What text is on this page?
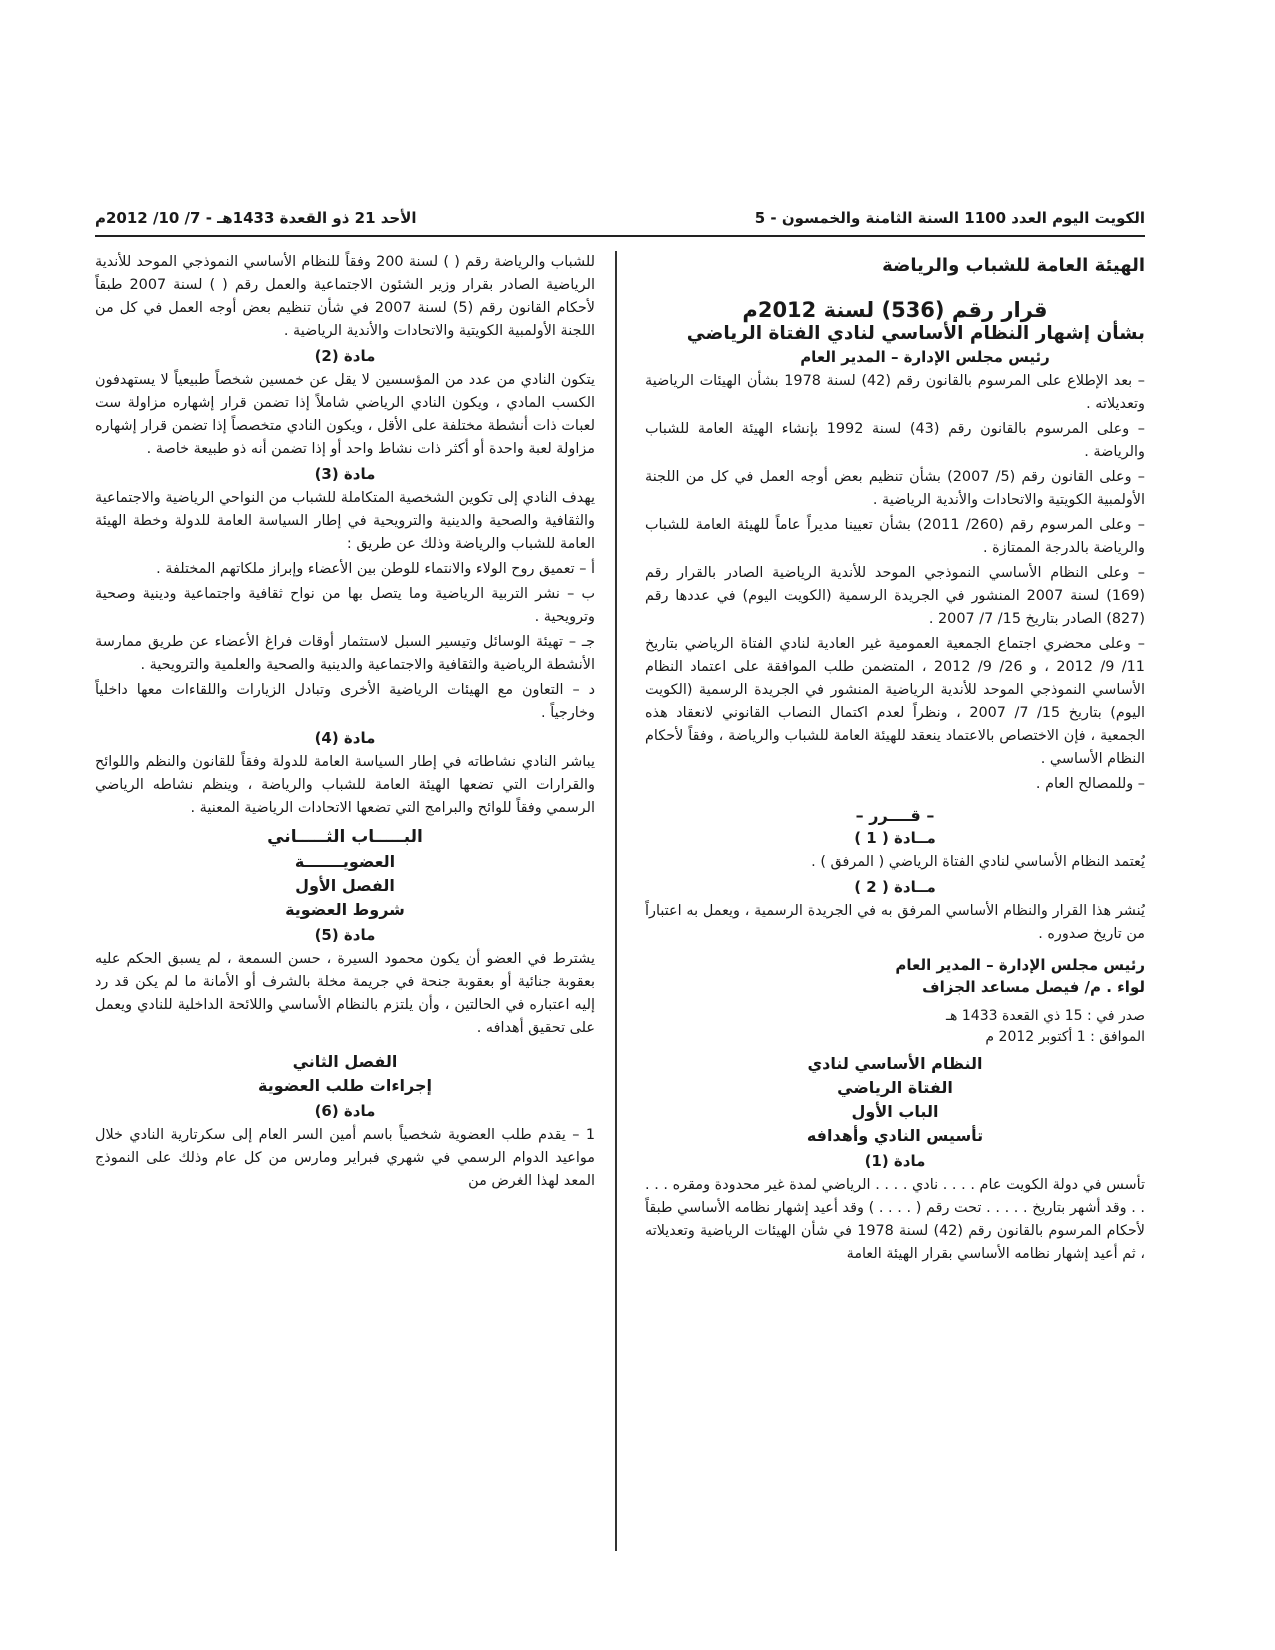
الكويت اليوم العدد 1100 السنة الثامنة والخمسون - 5
الأحد 21 ذو القعدة 1433هـ - 7/ 10/ 2012م
الهيئة العامة للشباب والرياضة
قرار رقم (536) لسنة 2012م
بشأن إشهار النظام الأساسي لنادي الفتاة الرياضي
رئيس مجلس الإدارة – المدير العام

– بعد الإطلاع على المرسوم بالقانون رقم (42) لسنة 1978 بشأن الهيئات الرياضية وتعديلاته .

– وعلى المرسوم بالقانون رقم (43) لسنة 1992 بإنشاء الهيئة العامة للشباب والرياضة .

– وعلى القانون رقم (5/ 2007) بشأن تنظيم بعض أوجه العمل في كل من اللجنة الأولمبية الكويتية والاتحادات والأندية الرياضية .

– وعلى المرسوم رقم (260/ 2011) بشأن تعيينا مديراً عاماً للهيئة العامة للشباب والرياضة بالدرجة الممتازة .

– وعلى النظام الأساسي النموذجي الموحد للأندية الرياضية الصادر بالقرار رقم (169) لسنة 2007 المنشور في الجريدة الرسمية (الكويت اليوم) في عددها رقم (827) الصادر بتاريخ 15/ 7/ 2007 .

– وعلى محضري اجتماع الجمعية العمومية غير العادية لنادي الفتاة الرياضي بتاريخ 11/ 9/ 2012 ، و 26/ 9/ 2012 ، المتضمن طلب الموافقة على اعتماد النظام الأساسي النموذجي الموحد للأندية الرياضية المنشور في الجريدة الرسمية (الكويت اليوم) بتاريخ 15/ 7/ 2007 ، ونظراً لعدم اكتمال النصاب القانوني لانعقاد هذه الجمعية ، فإن الاختصاص بالاعتماد ينعقد للهيئة العامة للشباب والرياضة ، وفقاً لأحكام النظام الأساسي .

– وللمصالح العام .

– قــــرر –
مــادة ( 1 )

يُعتمد النظام الأساسي لنادي الفتاة الرياضي ( المرفق ) .

مــادة ( 2 )

يُنشر هذا القرار والنظام الأساسي المرفق به في الجريدة الرسمية ، ويعمل به اعتباراً من تاريخ صدوره .

رئيس مجلس الإدارة – المدير العام
لواء . م/ فيصل مساعد الجزاف
صدر في : 15 ذي القعدة 1433 هـ
الموافق : 1 أكتوبر 2012 م
النظام الأساسي لنادي
الفتاة الرياضي
الباب الأول
تأسيس النادي وأهدافه
مادة (1)

تأسس في دولة الكويت عام . . . . نادي . . . . الرياضي لمدة غير محدودة ومقره . . . . . وقد أشهر بتاريخ . . . . . تحت رقم ( . . . . ) وقد أعيد إشهار نظامه الأساسي طبقاً لأحكام المرسوم بالقانون رقم (42) لسنة 1978 في شأن الهيئات الرياضية وتعديلاته ، ثم أعيد إشهار نظامه الأساسي بقرار الهيئة العامة

للشباب والرياضة رقم ( ) لسنة 200 وفقاً للنظام الأساسي النموذجي الموحد للأندية الرياضية الصادر بقرار وزير الشئون الاجتماعية والعمل رقم ( ) لسنة 2007 طبقاً لأحكام القانون رقم (5) لسنة 2007 في شأن تنظيم بعض أوجه العمل في كل من اللجنة الأولمبية الكويتية والاتحادات والأندية الرياضية .

مادة (2)

يتكون النادي من عدد من المؤسسين لا يقل عن خمسين شخصاً طبيعياً لا يستهدفون الكسب المادي ، ويكون النادي الرياضي شاملاً إذا تضمن قرار إشهاره مزاولة ست لعبات ذات أنشطة مختلفة على الأقل ، ويكون النادي متخصصاً إذا تضمن قرار إشهاره مزاولة لعبة واحدة أو أكثر ذات نشاط واحد أو إذا تضمن أنه ذو طبيعة خاصة .

مادة (3)

يهدف النادي إلى تكوين الشخصية المتكاملة للشباب من النواحي الرياضية والاجتماعية والثقافية والصحية والدينية والترويحية في إطار السياسة العامة للدولة وخطة الهيئة العامة للشباب والرياضة وذلك عن طريق :

أ – تعميق روح الولاء والانتماء للوطن بين الأعضاء وإبراز ملكاتهم المختلفة .

ب – نشر التربية الرياضية وما يتصل بها من نواح ثقافية واجتماعية ودينية وصحية وترويحية .

جـ – تهيئة الوسائل وتيسير السبل لاستثمار أوقات فراغ الأعضاء عن طريق ممارسة الأنشطة الرياضية والثقافية والاجتماعية والدينية والصحية والعلمية والترويحية .

د – التعاون مع الهيئات الرياضية الأخرى وتبادل الزيارات واللقاءات معها داخلياً وخارجياً .

مادة (4)

يباشر النادي نشاطاته في إطار السياسة العامة للدولة وفقاً للقانون والنظم واللوائح والقرارات التي تضعها الهيئة العامة للشباب والرياضة ، وينظم نشاطه الرياضي الرسمي وفقاً للوائح والبرامج التي تضعها الاتحادات الرياضية المعنية .

البـــــاب الثـــــاني
العضويـــــــة
الفصل الأول
شروط العضوية
مادة (5)

يشترط في العضو أن يكون محمود السيرة ، حسن السمعة ، لم يسبق الحكم عليه بعقوبة جنائية أو بعقوبة جنحة في جريمة مخلة بالشرف أو الأمانة ما لم يكن قد رد إليه اعتباره في الحالتين ، وأن يلتزم بالنظام الأساسي واللائحة الداخلية للنادي ويعمل على تحقيق أهدافه .

الفصل الثاني
إجراءات طلب العضوية
مادة (6)

1 – يقدم طلب العضوية شخصياً باسم أمين السر العام إلى سكرتارية النادي خلال مواعيد الدوام الرسمي في شهري فبراير ومارس من كل عام وذلك على النموذج المعد لهذا الغرض من
